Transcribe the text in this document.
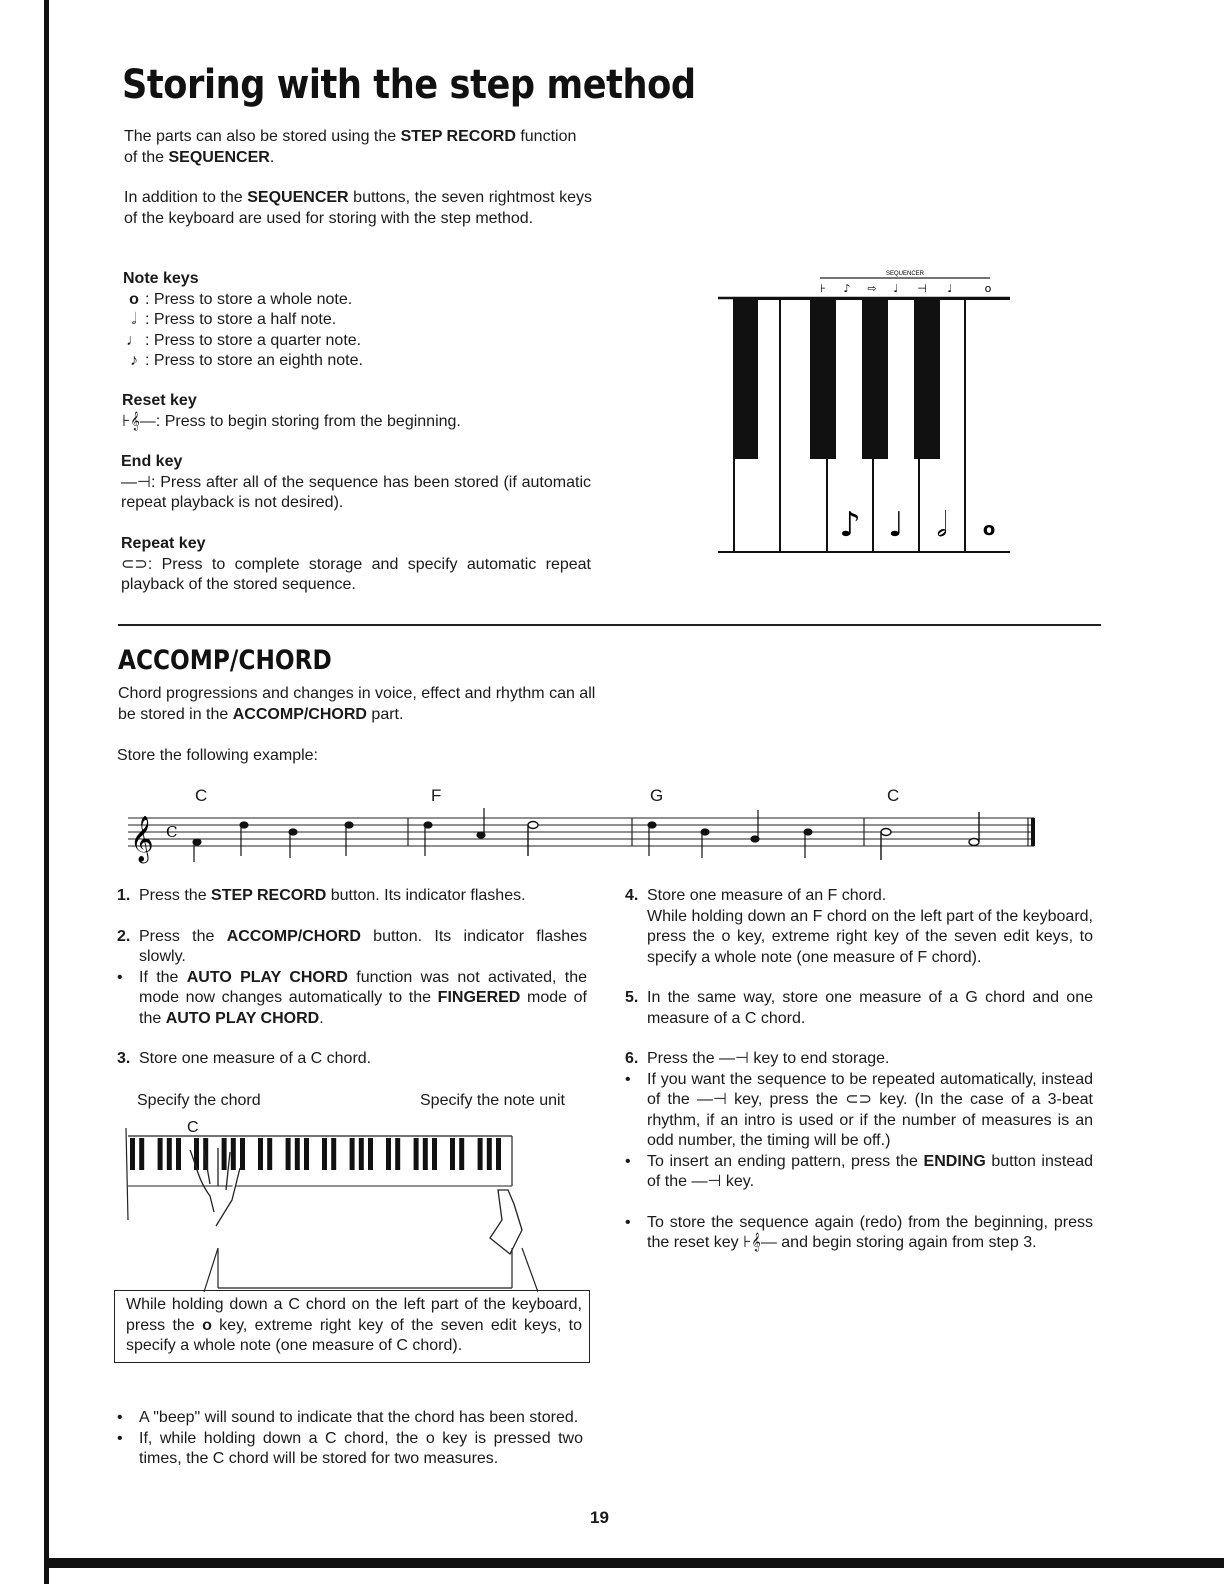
Storing with the step method

The parts can also be stored using the STEP RECORD function of the SEQUENCER.

In addition to the SEQUENCER buttons, the seven rightmost keys of the keyboard are used for storing with the step method.

Note keys
o : Press to store a whole note.
𝅗𝅥 : Press to store a half note.
♩ : Press to store a quarter note.
♪ : Press to store an eighth note.
Reset key
⊦𝄞—: Press to begin storing from the beginning.
End key
—⊣: Press after all of the sequence has been stored (if automatic repeat playback is not desired).
Repeat key
⊂⊃: Press to complete storage and specify automatic repeat playback of the stored sequence.
SEQUENCER
⊦ ♪ ⇨ ♩ ⊣ ♩	o
♪ ♩ 𝅗𝅥 o
ACCOMP/CHORD

Chord progressions and changes in voice, effect and rhythm can all be stored in the ACCOMP/CHORD part.

Store the following example:

C	F	G	C
𝄞 C
1. Press the STEP RECORD button. Its indicator flashes.
2. Press the ACCOMP/CHORD button. Its indicator flashes slowly.
•	If the AUTO PLAY CHORD function was not activated, the mode now changes automatically to the FINGERED mode of the AUTO PLAY CHORD.
3. Store one measure of a C chord.
Specify the chord	Specify the note unit
C
While holding down a C chord on the left part of the keyboard, press the o key, extreme right key of the seven edit keys, to specify a whole note (one measure of C chord).
•	A "beep" will sound to indicate that the chord has been stored.
•	If, while holding down a C chord, the o key is pressed two times, the C chord will be stored for two measures.
4. Store one measure of an F chord.
While holding down an F chord on the left part of the keyboard, press the o key, extreme right key of the seven edit keys, to specify a whole note (one measure of F chord).
5. In the same way, store one measure of a G chord and one measure of a C chord.
6. Press the —⊣ key to end storage.
•	If you want the sequence to be repeated automatically, instead of the —⊣ key, press the ⊂⊃ key. (In the case of a 3-beat rhythm, if an intro is used or if the number of measures is an odd number, the timing will be off.)
•	To insert an ending pattern, press the ENDING button instead of the —⊣ key.
•	To store the sequence again (redo) from the beginning, press the reset key ⊦𝄞— and begin storing again from step 3.
19
